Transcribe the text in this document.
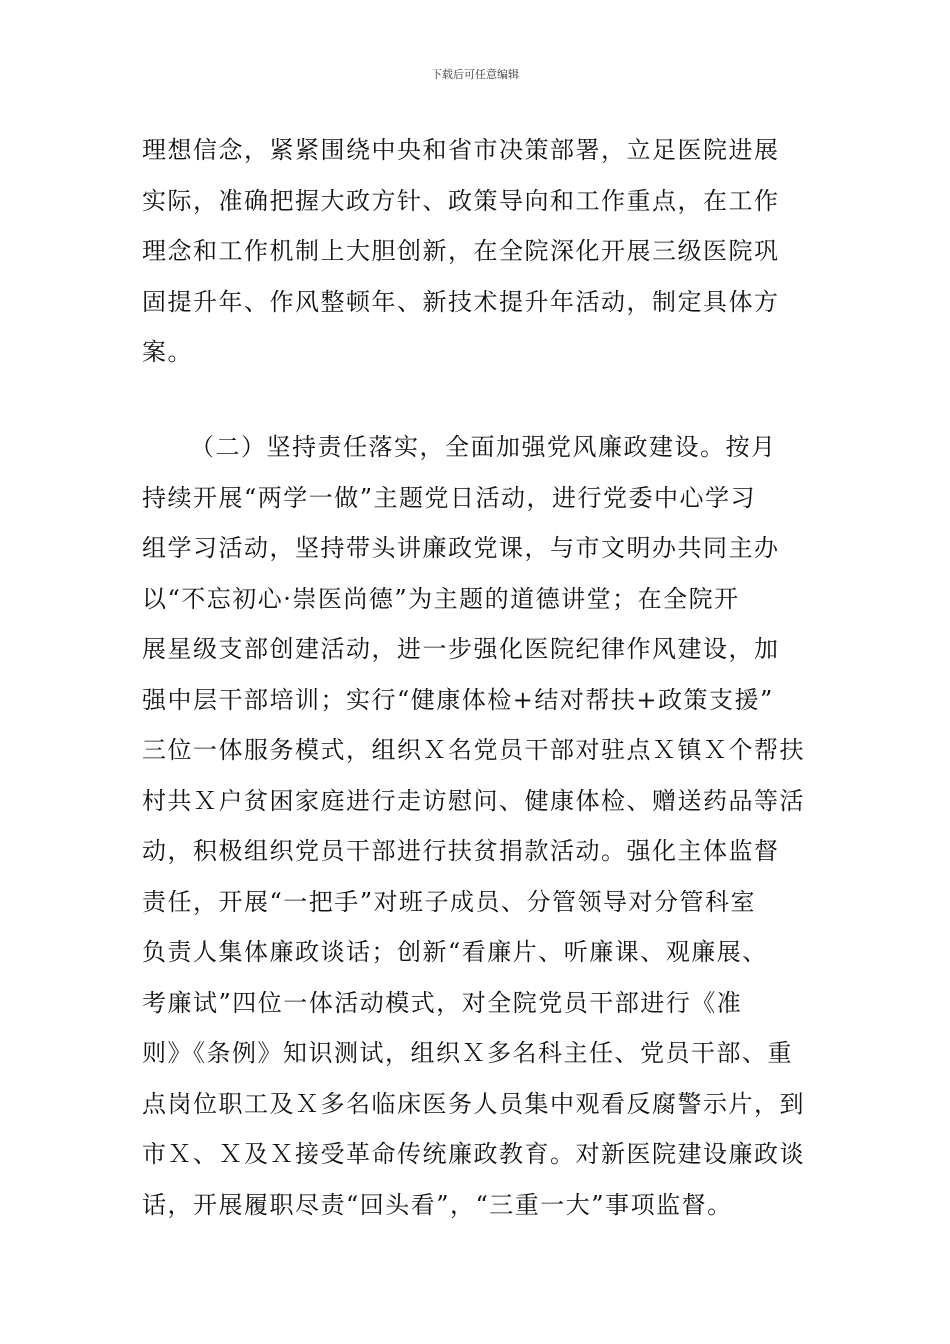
下载后可任意编辑
理想信念，紧紧围绕中央和省市决策部署，立足医院进展
实际，准确把握大政方针、政策导向和工作重点，在工作
理念和工作机制上大胆创新，在全院深化开展三级医院巩
固提升年、作风整顿年、新技术提升年活动，制定具体方
案。
（二）坚持责任落实，全面加强党风廉政建设。按月
持续开展“两学一做”主题党日活动，进行党委中心学习
组学习活动，坚持带头讲廉政党课，与市文明办共同主办
以“不忘初心·崇医尚德”为主题的道德讲堂；在全院开
展星级支部创建活动，进一步强化医院纪律作风建设，加
强中层干部培训；实行“健康体检+结对帮扶+政策支援”
三位一体服务模式，组织Ｘ名党员干部对驻点Ｘ镇Ｘ个帮扶
村共Ｘ户贫困家庭进行走访慰问、健康体检、赠送药品等活
动，积极组织党员干部进行扶贫捐款活动。强化主体监督
责任，开展“一把手”对班子成员、分管领导对分管科室
负责人集体廉政谈话；创新“看廉片、听廉课、观廉展、
考廉试”四位一体活动模式，对全院党员干部进行《准
则》《条例》知识测试，组织Ｘ多名科主任、党员干部、重
点岗位职工及Ｘ多名临床医务人员集中观看反腐警示片，到
市Ｘ、Ｘ及Ｘ接受革命传统廉政教育。对新医院建设廉政谈
话，开展履职尽责“回头看”，“三重一大”事项监督。
